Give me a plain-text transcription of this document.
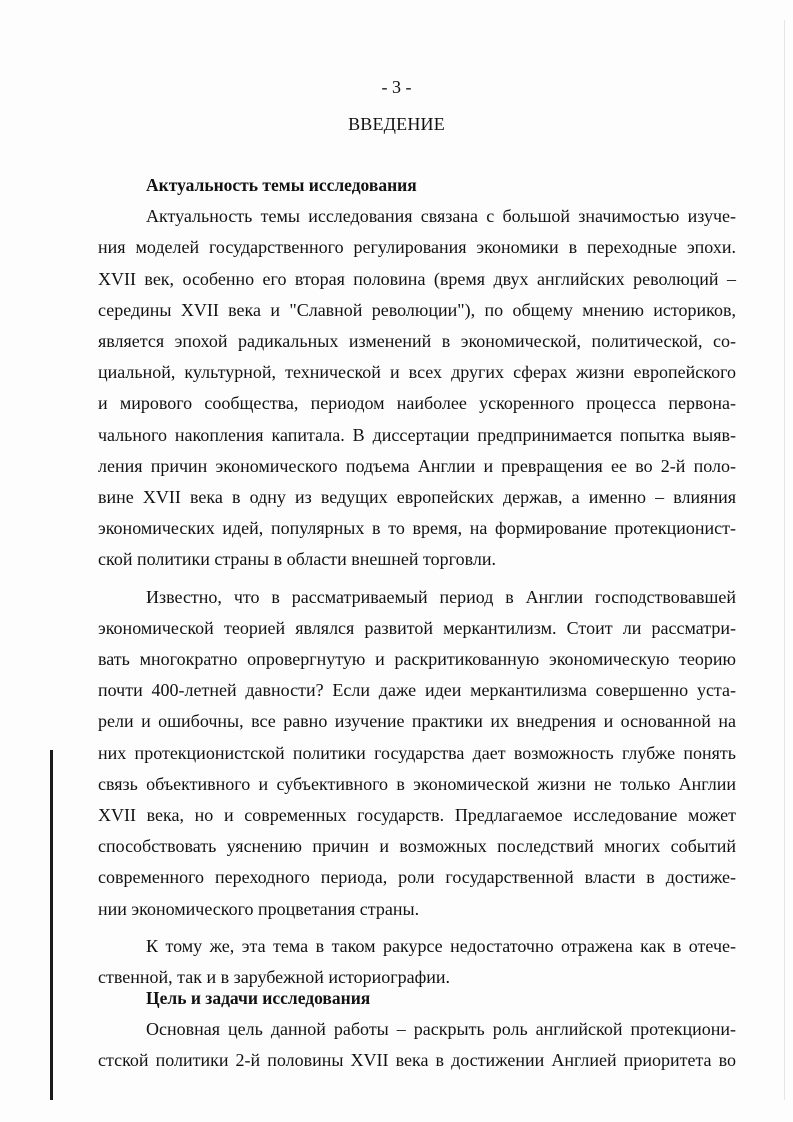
- 3 -
ВВЕДЕНИЕ
Актуальность темы исследования
Актуальность темы исследования связана с большой значимостью изуче-
ния моделей государственного регулирования экономики в переходные эпохи.
XVII век, особенно его вторая половина (время двух английских революций –
середины XVII века и "Славной революции"), по общему мнению историков,
является эпохой радикальных изменений в экономической, политической, со-
циальной, культурной, технической и всех других сферах жизни европейского
и мирового сообщества, периодом наиболее ускоренного процесса первона-
чального накопления капитала. В диссертации предпринимается попытка выяв-
ления причин экономического подъема Англии и превращения ее во 2-й поло-
вине XVII века в одну из ведущих европейских держав, а именно – влияния
экономических идей, популярных в то время, на формирование протекционист-
ской политики страны в области внешней торговли.
Известно, что в рассматриваемый период в Англии господствовавшей
экономической теорией являлся развитой меркантилизм. Стоит ли рассматри-
вать многократно опровергнутую и раскритикованную экономическую теорию
почти 400-летней давности? Если даже идеи меркантилизма совершенно уста-
рели и ошибочны, все равно изучение практики их внедрения и основанной на
них протекционистской политики государства дает возможность глубже понять
связь объективного и субъективного в экономической жизни не только Англии
XVII века, но и современных государств. Предлагаемое исследование может
способствовать уяснению причин и возможных последствий многих событий
современного переходного периода, роли государственной власти в достиже-
нии экономического процветания страны.
К тому же, эта тема в таком ракурсе недостаточно отражена как в отече-
ственной, так и в зарубежной историографии.
Цель и задачи исследования
Основная цель данной работы – раскрыть роль английской протекциони-
стской политики 2-й половины XVII века в достижении Англией приоритета во
